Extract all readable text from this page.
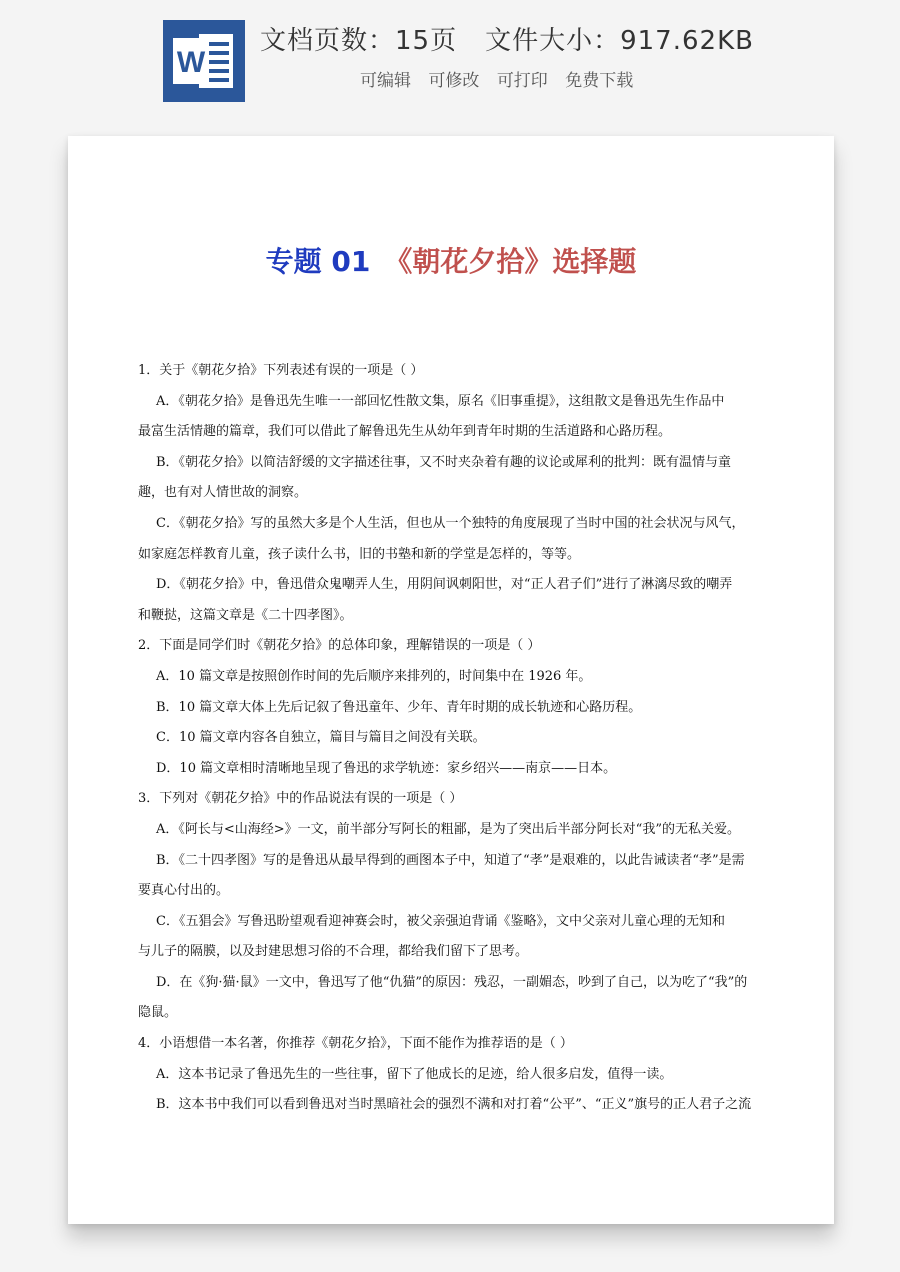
W
文档页数：15页 文件大小：917.62KB
可编辑 可修改 可打印 免费下载
专题 01 《朝花夕拾》选择题
1．关于《朝花夕拾》下列表述有误的一项是（ ）
A．《朝花夕拾》是鲁迅先生唯一一部回忆性散文集，原名《旧事重提》，这组散文是鲁迅先生作品中
最富生活情趣的篇章，我们可以借此了解鲁迅先生从幼年到青年时期的生活道路和心路历程。
B．《朝花夕拾》以简洁舒缓的文字描述往事，又不时夹杂着有趣的议论或犀利的批判：既有温情与童
趣，也有对人情世故的洞察。
C．《朝花夕拾》写的虽然大多是个人生活，但也从一个独特的角度展现了当时中国的社会状况与风气，
如家庭怎样教育儿童，孩子读什么书，旧的书塾和新的学堂是怎样的，等等。
D．《朝花夕拾》中，鲁迅借众鬼嘲弄人生，用阴间讽刺阳世，对“正人君子们”进行了淋漓尽致的嘲弄
和鞭挞，这篇文章是《二十四孝图》。
2．下面是同学们时《朝花夕拾》的总体印象，理解错误的一项是（ ）
A．10 篇文章是按照创作时间的先后顺序来排列的，时间集中在 1926 年。
B．10 篇文章大体上先后记叙了鲁迅童年、少年、青年时期的成长轨迹和心路历程。
C．10 篇文章内容各自独立，篇目与篇目之间没有关联。
D．10 篇文章相时清晰地呈现了鲁迅的求学轨迹：家乡绍兴——南京——日本。
3．下列对《朝花夕拾》中的作品说法有误的一项是（ ）
A．《阿长与<山海经>》一文，前半部分写阿长的粗鄙，是为了突出后半部分阿长对“我”的无私关爱。
B．《二十四孝图》写的是鲁迅从最早得到的画图本子中，知道了“孝”是艰难的，以此告诫读者“孝”是需
要真心付出的。
C．《五猖会》写鲁迅盼望观看迎神赛会时，被父亲强迫背诵《鉴略》，文中父亲对儿童心理的无知和
与儿子的隔膜，以及封建思想习俗的不合理，都给我们留下了思考。
D．在《狗·猫·鼠》一文中，鲁迅写了他“仇猫”的原因：残忍，一副媚态，吵到了自己，以为吃了“我”的
隐鼠。
4．小语想借一本名著，你推荐《朝花夕拾》，下面不能作为推荐语的是（ ）
A．这本书记录了鲁迅先生的一些往事，留下了他成长的足迹，给人很多启发，值得一读。
B．这本书中我们可以看到鲁迅对当时黑暗社会的强烈不满和对打着“公平”、“正义”旗号的正人君子之流
